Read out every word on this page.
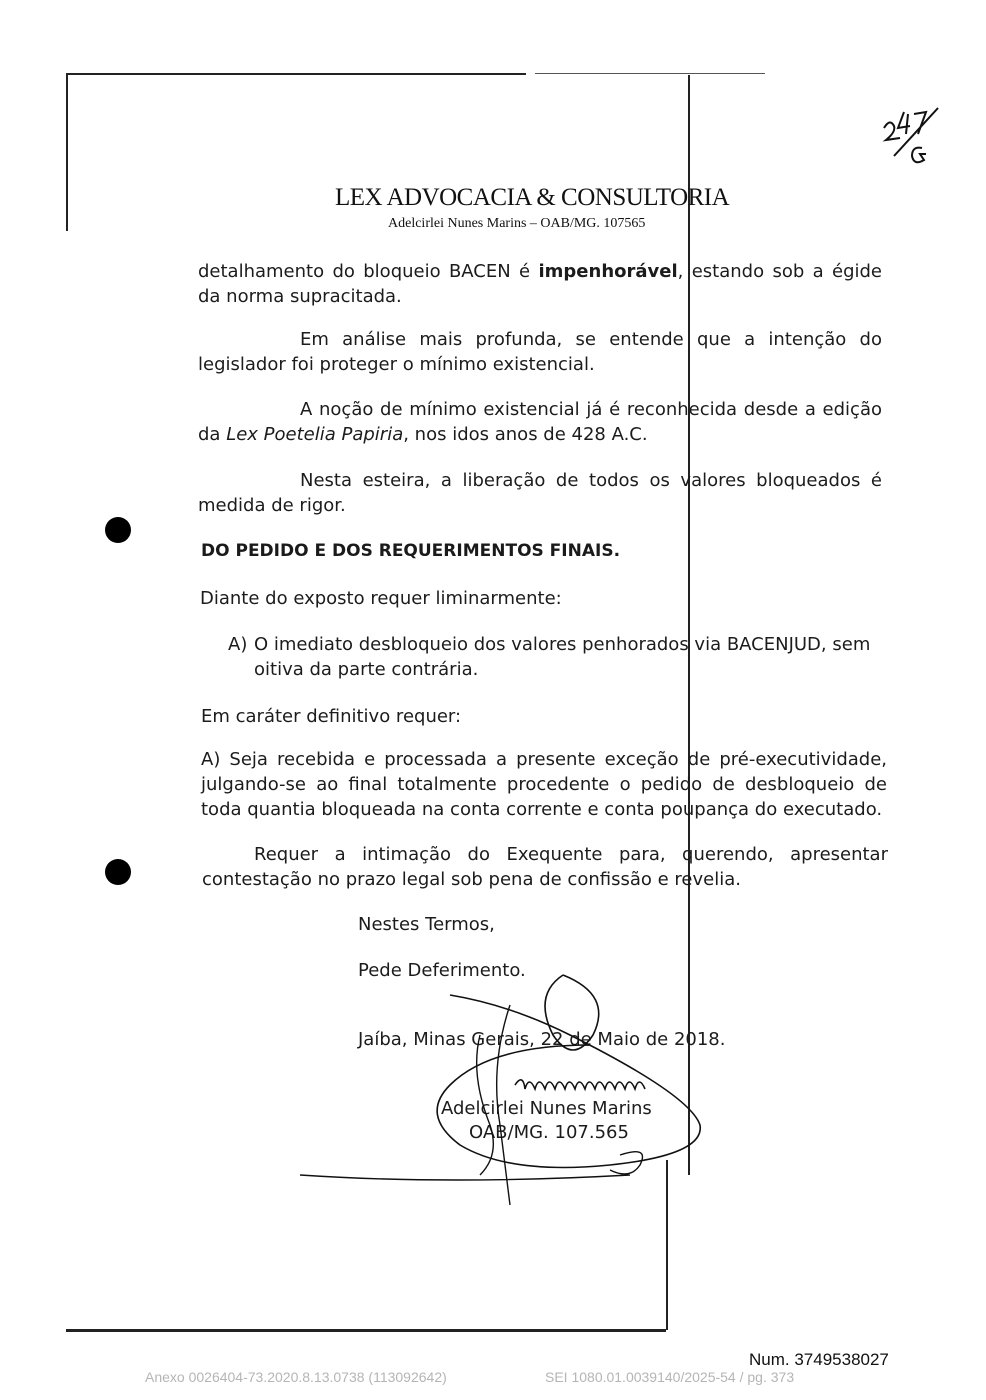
LEX ADVOCACIA & CONSULTORIA
Adelcirlei Nunes Marins – OAB/MG. 107565
detalhamento do bloqueio BACEN é impenhorável, estando sob a égide da norma supracitada.
Em análise mais profunda, se entende que a intenção do legislador foi proteger o mínimo existencial.
A noção de mínimo existencial já é reconhecida desde a edição da Lex Poetelia Papiria, nos idos anos de 428 A.C.
Nesta esteira, a liberação de todos os valores bloqueados é medida de rigor.
DO PEDIDO E DOS REQUERIMENTOS FINAIS.
Diante do exposto requer liminarmente:
A) O imediato desbloqueio dos valores penhorados via BACENJUD, sem oitiva da parte contrária.
Em caráter definitivo requer:
A) Seja recebida e processada a presente exceção de pré-executividade, julgando-se ao final totalmente procedente o pedido de desbloqueio de toda quantia bloqueada na conta corrente e conta poupança do executado.
Requer a intimação do Exequente para, querendo, apresentar contestação no prazo legal sob pena de confissão e revelia.
Nestes Termos,
Pede Deferimento.
Jaíba, Minas Gerais, 22 de Maio de 2018.
Adelcirlei Nunes Marins
OAB/MG. 107.565
Num. 3749538027
Anexo 0026404-73.2020.8.13.0738 (113092642)	SEI 1080.01.0039140/2025-54 / pg. 373
